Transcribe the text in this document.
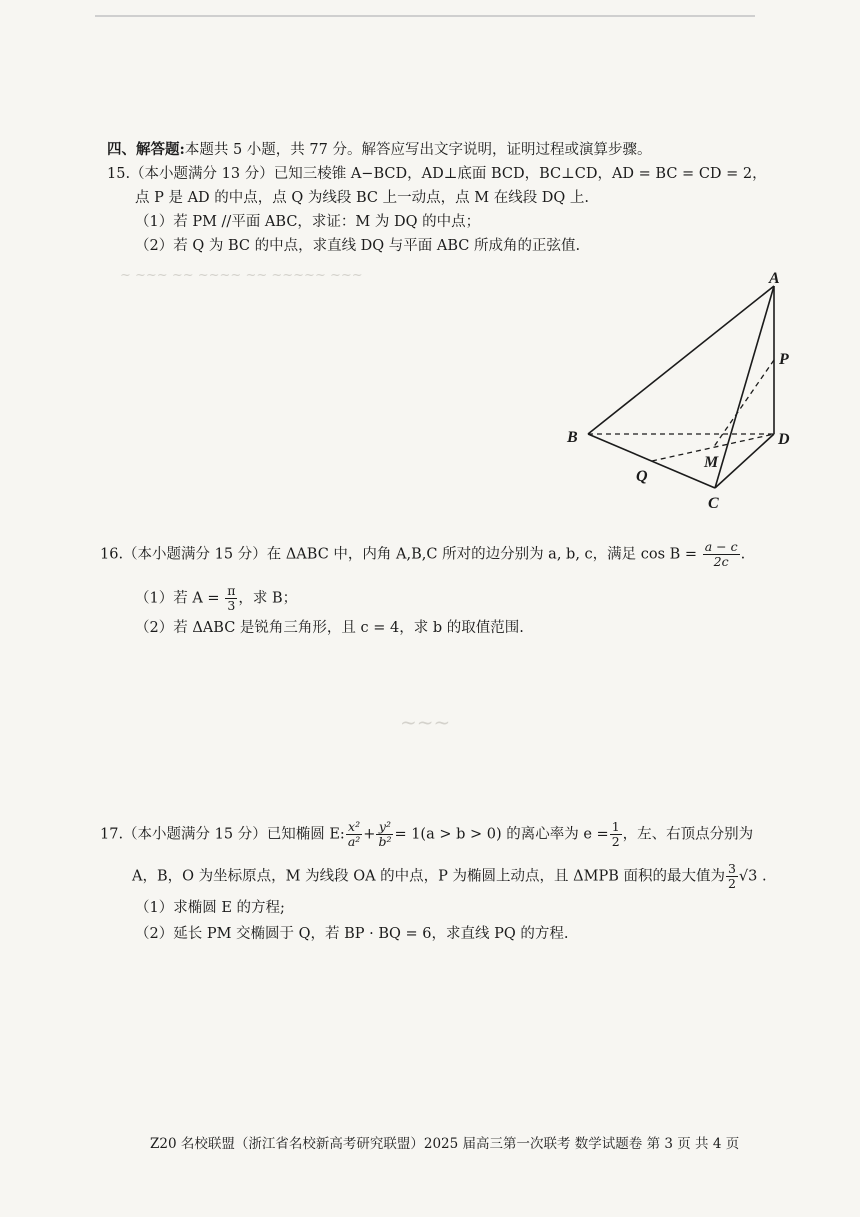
~ ~~~ ~~ ~~~~ ~~ ~~~~~ ~~~
~~~
四、解答题:本题共 5 小题，共 77 分。解答应写出文字说明，证明过程或演算步骤。
15.（本小题满分 13 分）已知三棱锥 A−BCD，AD⊥底面 BCD，BC⊥CD，AD = BC = CD = 2，
点 P 是 AD 的中点，点 Q 为线段 BC 上一动点，点 M 在线段 DQ 上.
（1）若 PM //平面 ABC，求证：M 为 DQ 的中点；
（2）若 Q 为 BC 的中点，求直线 DQ 与平面 ABC 所成角的正弦值.
A
P
B	D
M
Q
C
16.（本小题满分 15 分）在 ΔABC 中，内角 A,B,C 所对的边分别为 a, b, c，满足 $\cos B = \frac{a - c}{2c}$ .
（1）若 $A = \frac{\pi}{3}$ ，求 B；
（2）若 ΔABC 是锐角三角形，且 c = 4，求 b 的取值范围.
17.（本小题满分 15 分）已知椭圆 E: $\frac{\text{x²}}{\text{a²}} + \frac{\text{y²}}{\text{b²}} = 1(a > b > 0)$ 的离心率为 $e = \frac{1}{2}$ ，左、右顶点分别为
A，B，O 为坐标原点，M 为线段 OA 的中点，P 为椭圆上动点，且 ΔMPB 面积的最大值为 $\frac{3}{2} √3$ .
（1）求椭圆 E 的方程;
（2）延长 PM 交椭圆于 Q，若 BP · BQ = 6，求直线 PQ 的方程.
Z20 名校联盟（浙江省名校新高考研究联盟）2025 届高三第一次联考 数学试题卷 第 3 页 共 4 页
